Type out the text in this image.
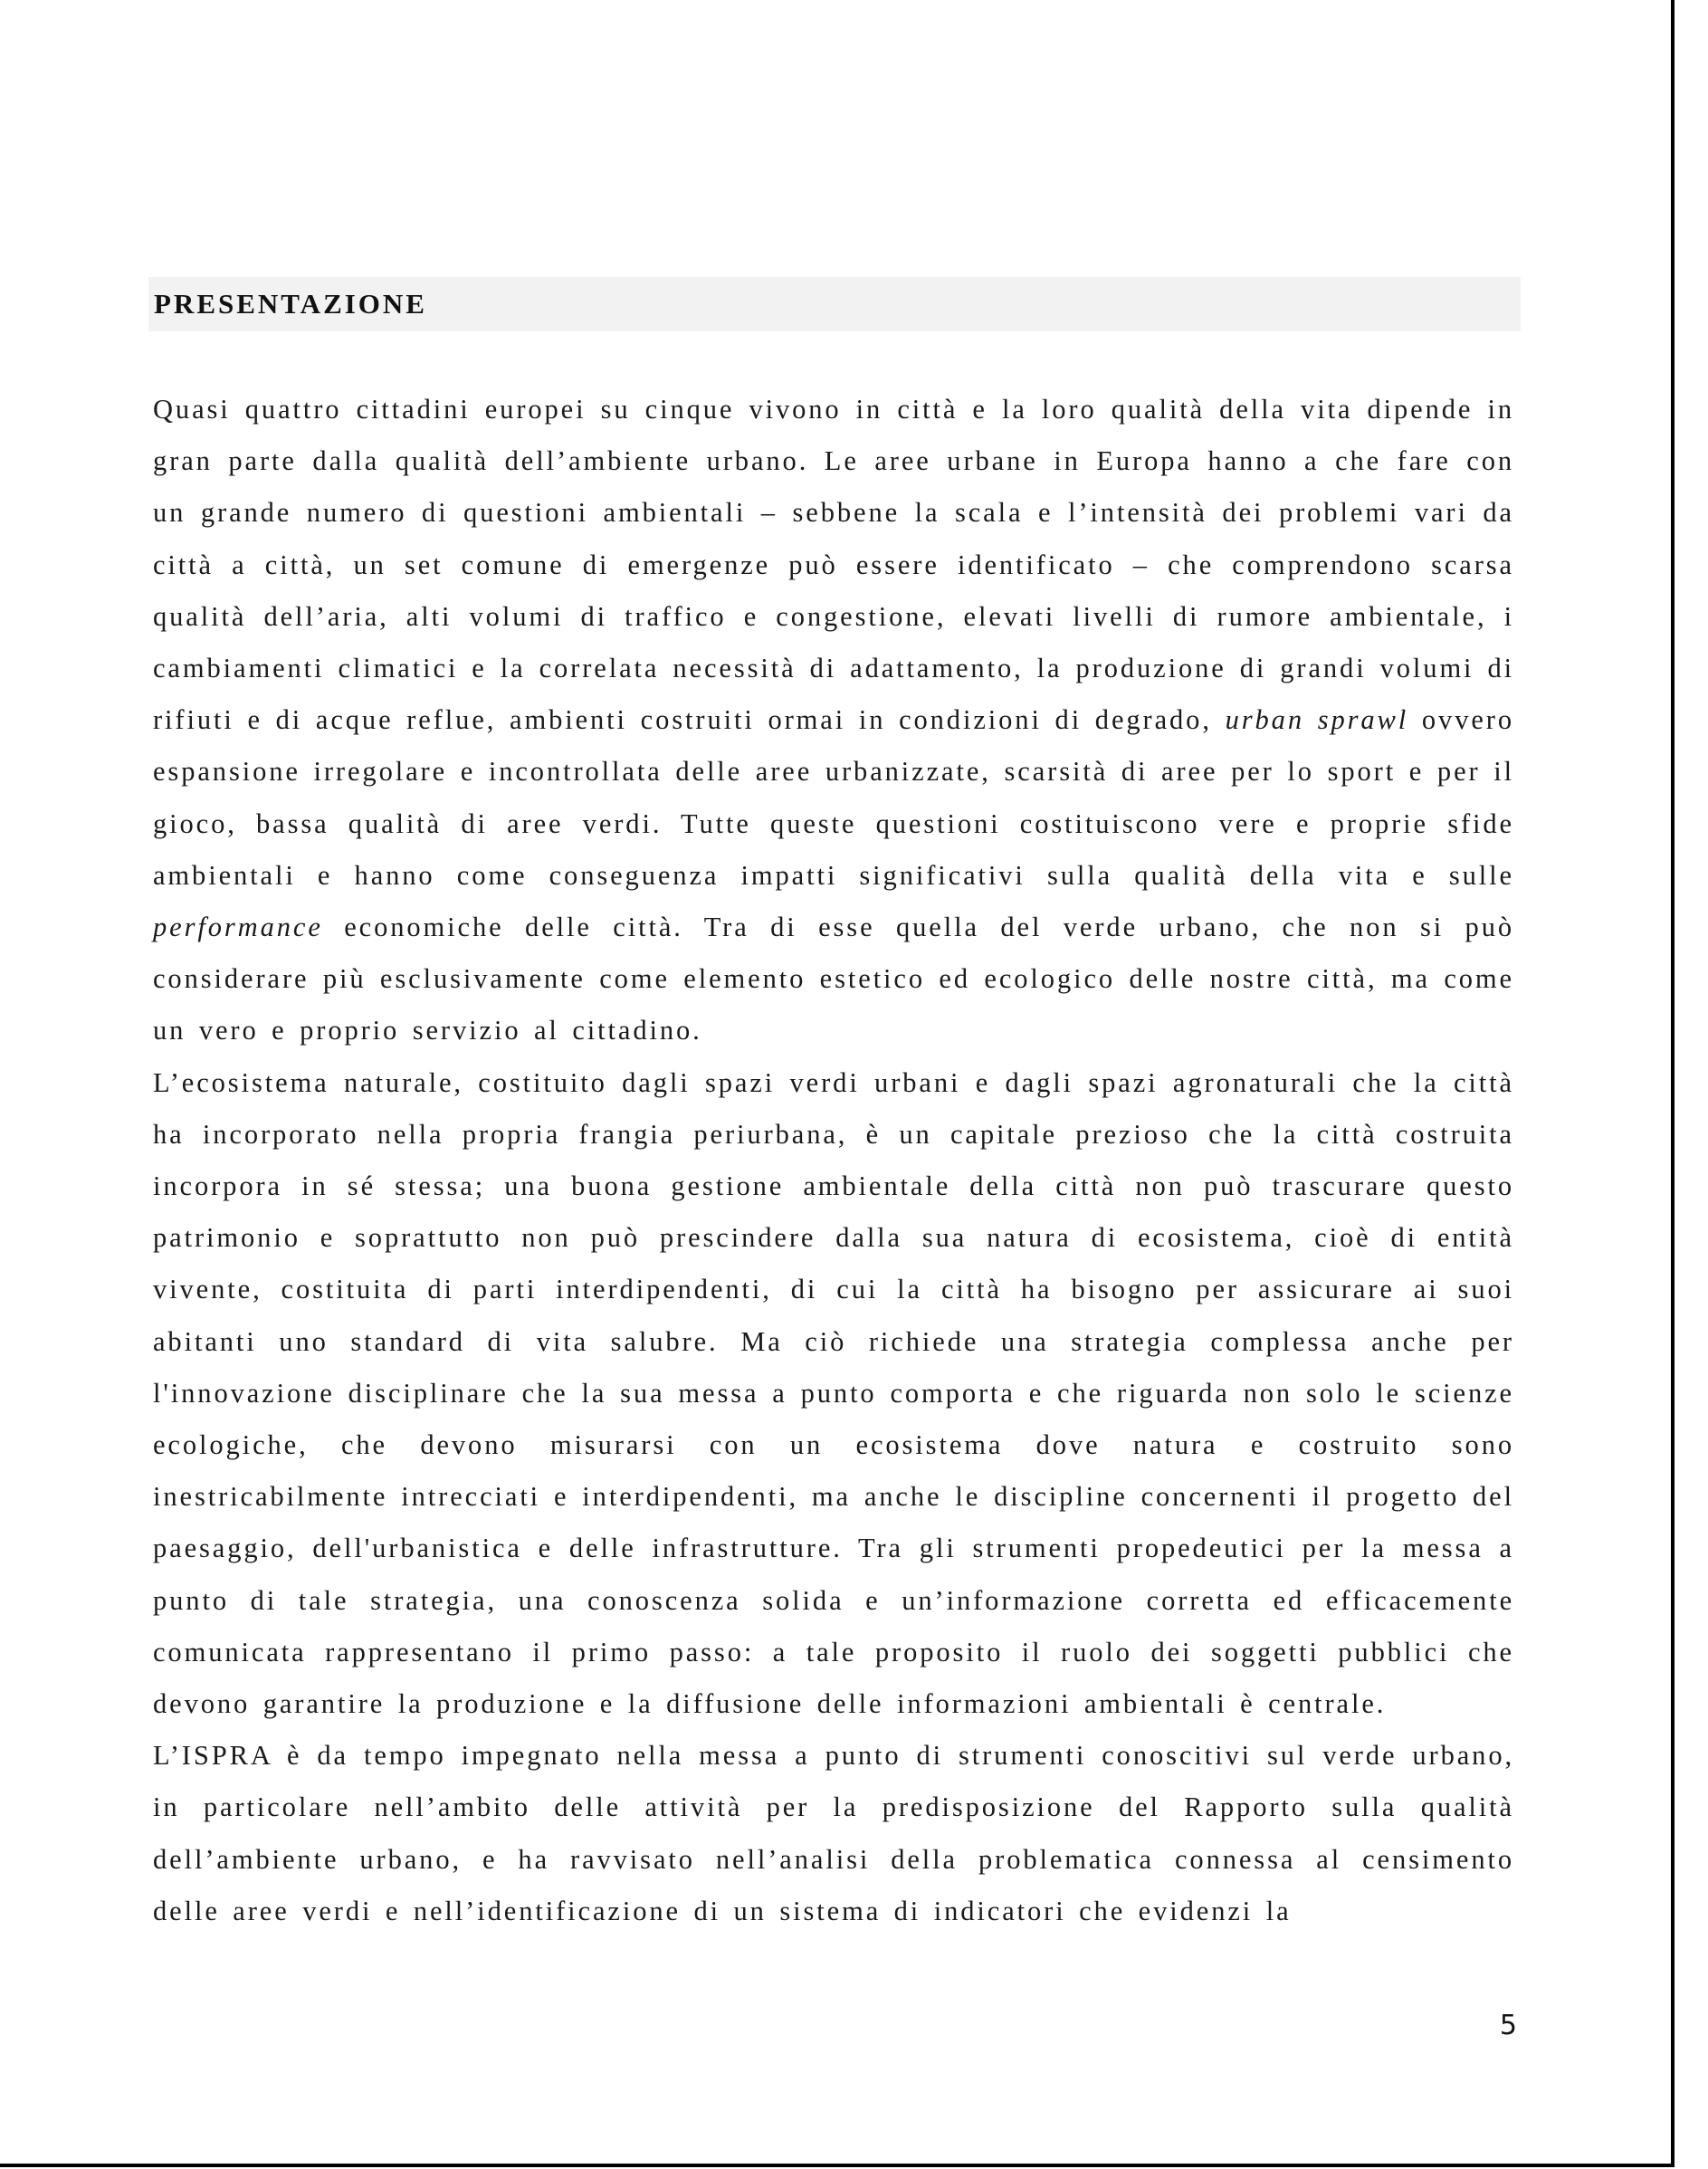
PRESENTAZIONE

Quasi quattro cittadini europei su cinque vivono in città e la loro qualità della vita dipende in gran parte dalla qualità dell’ambiente urbano. Le aree urbane in Europa hanno a che fare con un grande numero di questioni ambientali – sebbene la scala e l’intensità dei problemi vari da città a città, un set comune di emergenze può essere identificato – che comprendono scarsa qualità dell’aria, alti volumi di traffico e congestione, elevati livelli di rumore ambientale, i cambiamenti climatici e la correlata necessità di adattamento, la produzione di grandi volumi di rifiuti e di acque reflue, ambienti costruiti ormai in condizioni di degrado, urban sprawl ovvero espansione irregolare e incontrollata delle aree urbanizzate, scarsità di aree per lo sport e per il gioco, bassa qualità di aree verdi. Tutte queste questioni costituiscono vere e proprie sfide ambientali e hanno come conseguenza impatti significativi sulla qualità della vita e sulle performance economiche delle città. Tra di esse quella del verde urbano, che non si può considerare più esclusivamente come elemento estetico ed ecologico delle nostre città, ma come un vero e proprio servizio al cittadino.

L’ecosistema naturale, costituito dagli spazi verdi urbani e dagli spazi agronaturali che la città ha incorporato nella propria frangia periurbana, è un capitale prezioso che la città costruita incorpora in sé stessa; una buona gestione ambientale della città non può trascurare questo patrimonio e soprattutto non può prescindere dalla sua natura di ecosistema, cioè di entità vivente, costituita di parti interdipendenti, di cui la città ha bisogno per assicurare ai suoi abitanti uno standard di vita salubre. Ma ciò richiede una strategia complessa anche per l'innovazione disciplinare che la sua messa a punto comporta e che riguarda non solo le scienze ecologiche, che devono misurarsi con un ecosistema dove natura e costruito sono inestricabilmente intrecciati e interdipendenti, ma anche le discipline concernenti il progetto del paesaggio, dell'urbanistica e delle infrastrutture. Tra gli strumenti propedeutici per la messa a punto di tale strategia, una conoscenza solida e un’informazione corretta ed efficacemente comunicata rappresentano il primo passo: a tale proposito il ruolo dei soggetti pubblici che devono garantire la produzione e la diffusione delle informazioni ambientali è centrale.

L’ISPRA è da tempo impegnato nella messa a punto di strumenti conoscitivi sul verde urbano, in particolare nell’ambito delle attività per la predisposizione del Rapporto sulla qualità dell’ambiente urbano, e ha ravvisato nell’analisi della problematica connessa al censimento delle aree verdi e nell’identificazione di un sistema di indicatori che evidenzi la

5
